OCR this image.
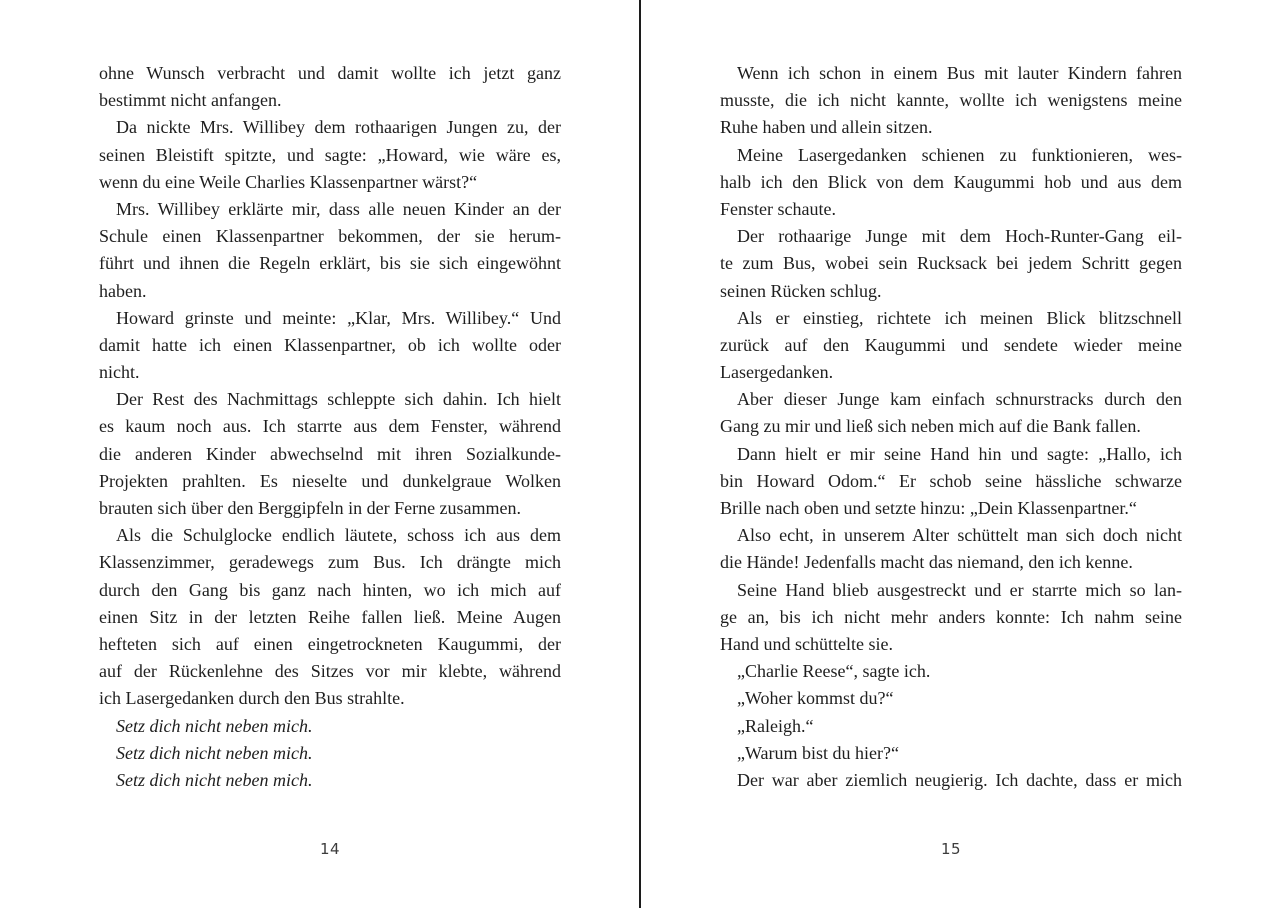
ohne Wunsch verbracht und damit wollte ich jetzt ganz
bestimmt nicht anfangen.
Da nickte Mrs. Willibey dem rothaarigen Jungen zu, der
seinen Bleistift spitzte, und sagte: „Howard, wie wäre es,
wenn du eine Weile Charlies Klassenpartner wärst?“
Mrs. Willibey erklärte mir, dass alle neuen Kinder an der
Schule einen Klassenpartner bekommen, der sie herum-
führt und ihnen die Regeln erklärt, bis sie sich eingewöhnt
haben.
Howard grinste und meinte: „Klar, Mrs. Willibey.“ Und
damit hatte ich einen Klassenpartner, ob ich wollte oder
nicht.
Der Rest des Nachmittags schleppte sich dahin. Ich hielt
es kaum noch aus. Ich starrte aus dem Fenster, während
die anderen Kinder abwechselnd mit ihren Sozialkunde-
Projekten prahlten. Es nieselte und dunkelgraue Wolken
brauten sich über den Berggipfeln in der Ferne zusammen.
Als die Schulglocke endlich läutete, schoss ich aus dem
Klassenzimmer, geradewegs zum Bus. Ich drängte mich
durch den Gang bis ganz nach hinten, wo ich mich auf
einen Sitz in der letzten Reihe fallen ließ. Meine Augen
hefteten sich auf einen eingetrockneten Kaugummi, der
auf der Rückenlehne des Sitzes vor mir klebte, während
ich Lasergedanken durch den Bus strahlte.
Setz dich nicht neben mich.
Setz dich nicht neben mich.
Setz dich nicht neben mich.
14
Wenn ich schon in einem Bus mit lauter Kindern fahren
musste, die ich nicht kannte, wollte ich wenigstens meine
Ruhe haben und allein sitzen.
Meine Lasergedanken schienen zu funktionieren, wes-
halb ich den Blick von dem Kaugummi hob und aus dem
Fenster schaute.
Der rothaarige Junge mit dem Hoch-Runter-Gang eil-
te zum Bus, wobei sein Rucksack bei jedem Schritt gegen
seinen Rücken schlug.
Als er einstieg, richtete ich meinen Blick blitzschnell
zurück auf den Kaugummi und sendete wieder meine
Lasergedanken.
Aber dieser Junge kam einfach schnurstracks durch den
Gang zu mir und ließ sich neben mich auf die Bank fallen.
Dann hielt er mir seine Hand hin und sagte: „Hallo, ich
bin Howard Odom.“ Er schob seine hässliche schwarze
Brille nach oben und setzte hinzu: „Dein Klassenpartner.“
Also echt, in unserem Alter schüttelt man sich doch nicht
die Hände! Jedenfalls macht das niemand, den ich kenne.
Seine Hand blieb ausgestreckt und er starrte mich so lan-
ge an, bis ich nicht mehr anders konnte: Ich nahm seine
Hand und schüttelte sie.
„Charlie Reese“, sagte ich.
„Woher kommst du?“
„Raleigh.“
„Warum bist du hier?“
Der war aber ziemlich neugierig. Ich dachte, dass er mich
15
